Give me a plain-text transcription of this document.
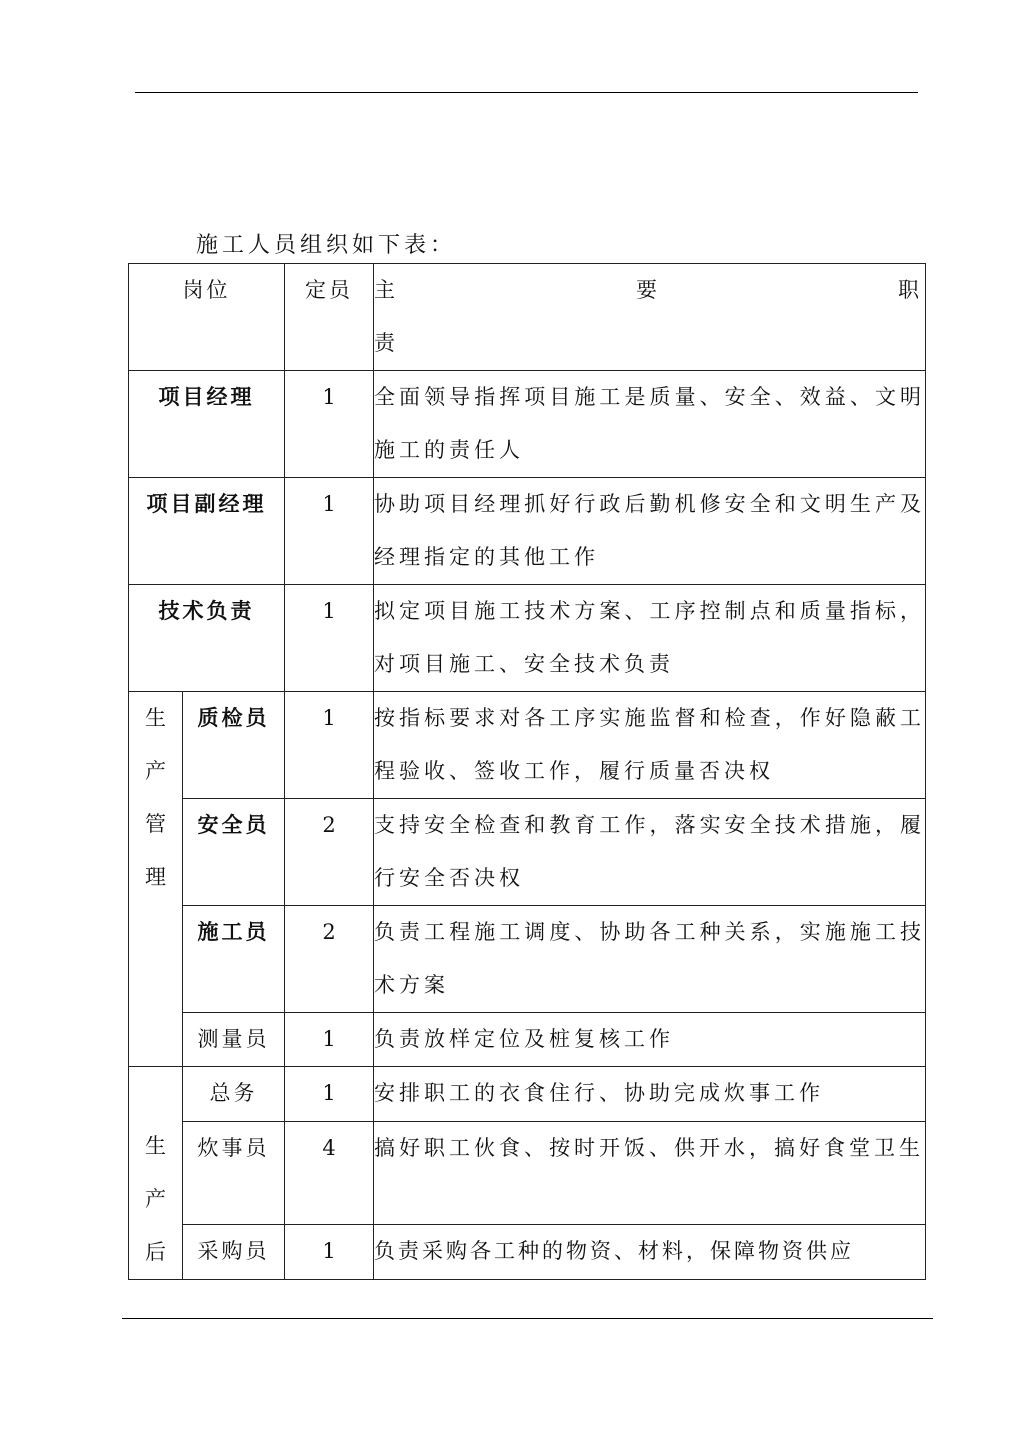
施工人员组织如下表：
岗位		定员	主 要 职
责

项目经理		1	全面领导指挥项目施工是质量、安全、效益、文明施工的责任人
项目副经理		1	协助项目经理抓好行政后勤机修安全和文明生产及经理指定的其他工作
技术负责		1	拟定项目施工技术方案、工序控制点和质量指标，对项目施工、安全技术负责

生
产
管
理	质检员	1	按指标要求对各工序实施监督和检查，作好隐蔽工程验收、签收工作，履行质量否决权
	安全员	2	支持安全检查和教育工作，落实安全技术措施，履行安全否决权
	施工员	2	负责工程施工调度、协助各工种关系，实施施工技术方案
	测量员	1	负责放样定位及桩复核工作

生
产
后	总务	1	安排职工的衣食住行、协助完成炊事工作
	炊事员	4	搞好职工伙食、按时开饭、供开水，搞好食堂卫生
	采购员	1	负责采购各工种的物资、材料，保障物资供应
